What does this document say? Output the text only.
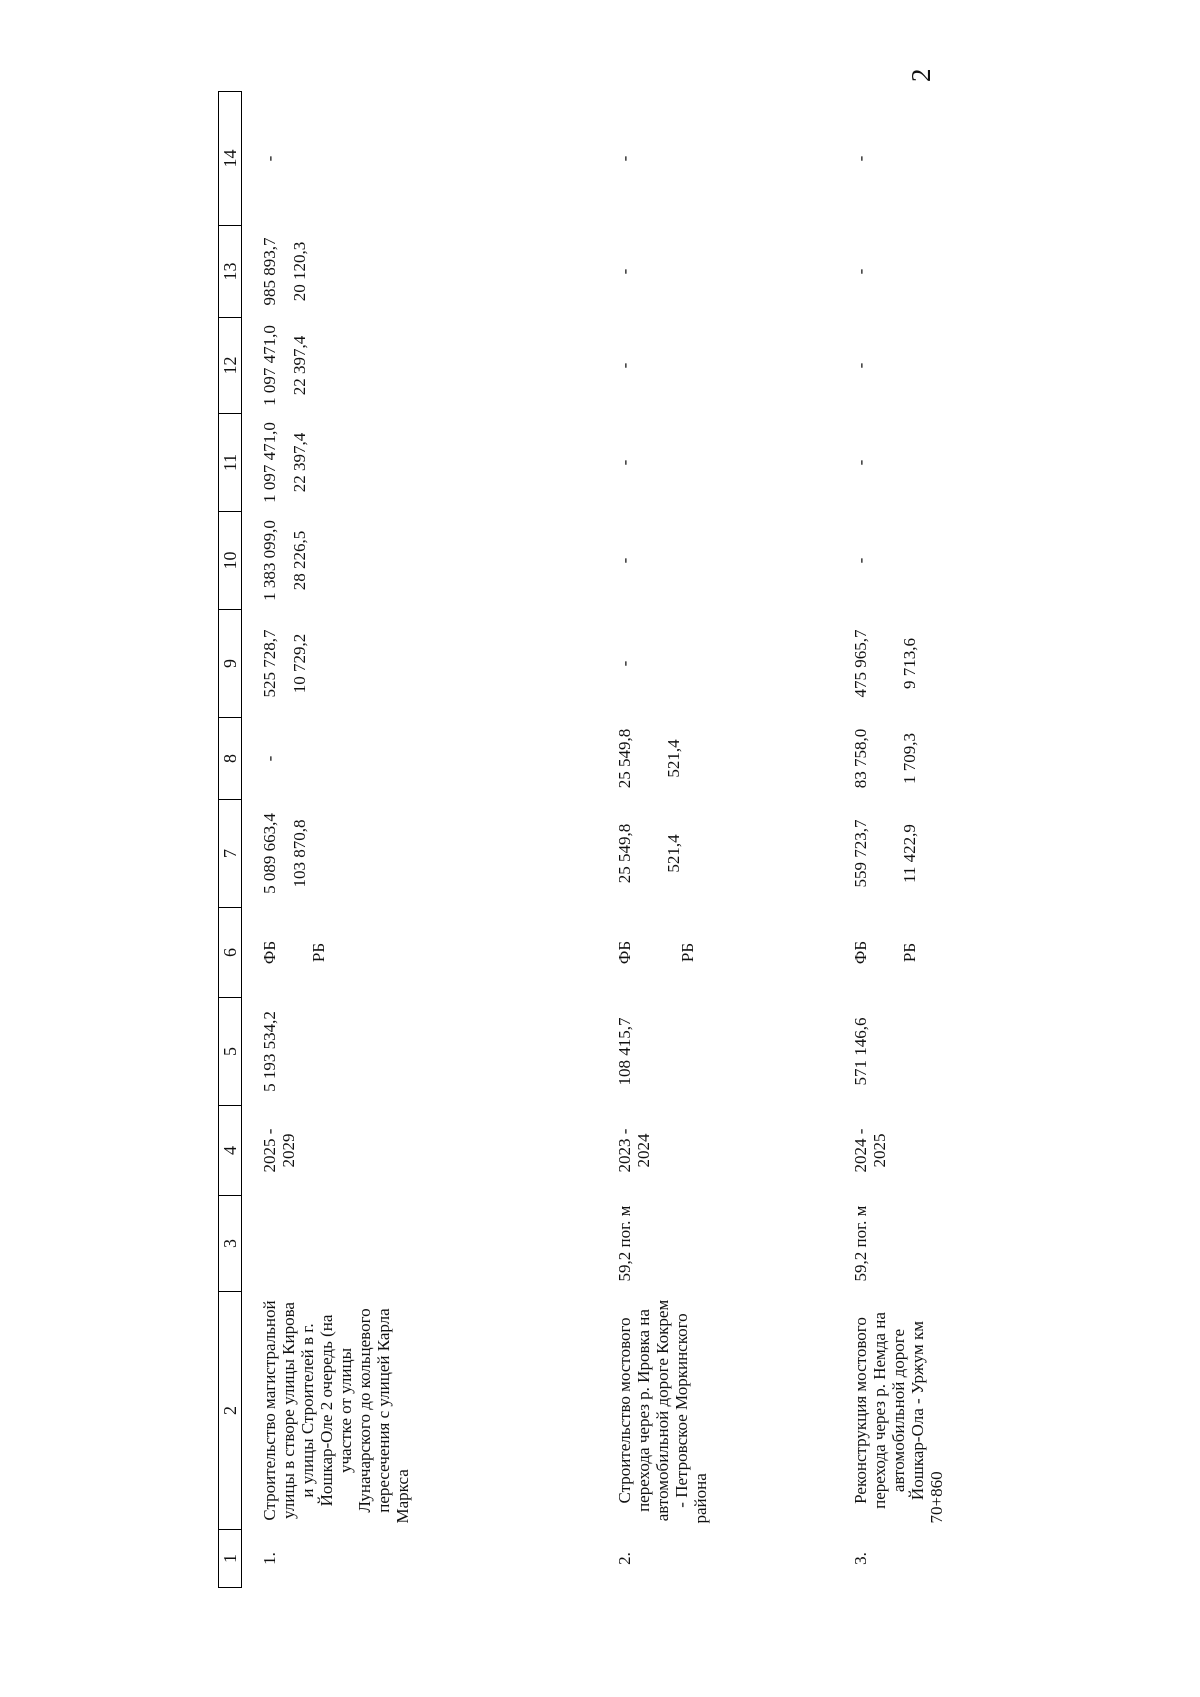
2
1	2	3	4	5	6	7	8	9	10	11	12	13	14
1.	Строительство магистральной улицы в створе улицы Кирова и улицы Строителей в г. Йошкар-Оле 2 очередь (на участке от улицы Луначарского до кольцевого пересечения с улицей Карла Маркса		2025 - 2029	5 193 534,2	ФБ РБ	5 089 663,4 103 870,8	-	525 728,7 10 729,2	1 383 099,0 28 226,5	1 097 471,0 22 397,4	1 097 471,0 22 397,4	985 893,7 20 120,3	-
2.	Строительство мостового перехода через р. Ировка на автомобильной дороге Кокрем - Петровское Моркинского района	59,2 пог. м	2023 - 2024	108 415,7	ФБ РБ	25 549,8 521,4	25 549,8 521,4	-	-	-	-	-	-
3.	Реконструкция мостового перехода через р. Немда на автомобильной дороге Йошкар-Ола - Уржум км 70+860	59,2 пог. м	2024 - 2025	571 146,6	ФБ РБ	559 723,7 11 422,9	83 758,0 1 709,3	475 965,7 9 713,6	-	-	-	-	-
